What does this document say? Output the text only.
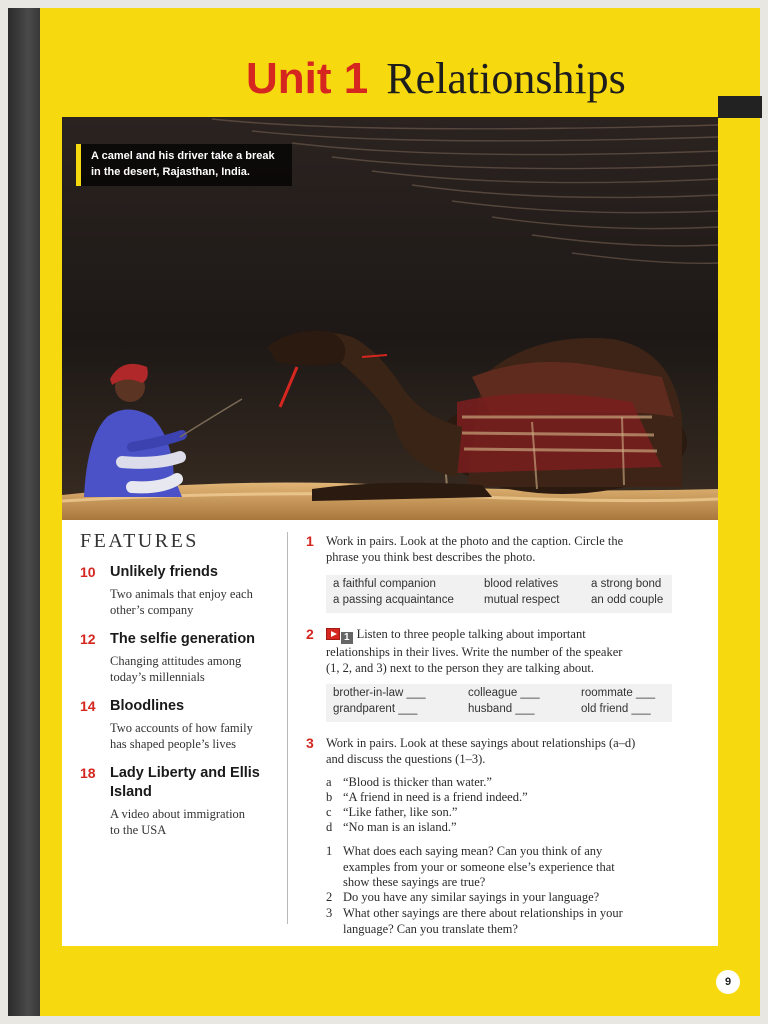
Unit 1 Relationships
A camel and his driver take a break
in the desert, Rajasthan, India.
FEATURES
10 Unlikely friends
Two animals that enjoy each
other’s company
12 The selfie generation
Changing attitudes among
today’s millennials
14 Bloodlines
Two accounts of how family
has shaped people’s lives
18 Lady Liberty and Ellis
Island
A video about immigration
to the USA
1 Work in pairs. Look at the photo and the caption. Circle the
phrase you think best describes the photo.
a faithful companion	blood relatives	a strong bond
a passing acquaintance	mutual respect	an odd couple
2	1 Listen to three people talking about important
relationships in their lives. Write the number of the speaker
(1, 2, and 3) next to the person they are talking about.
brother-in-law ___	colleague ___	roommate ___
grandparent ___	husband ___	old friend ___
3 Work in pairs. Look at these sayings about relationships (a–d)
and discuss the questions (1–3).
a “Blood is thicker than water.”
b “A friend in need is a friend indeed.”
c “Like father, like son.”
d “No man is an island.”
1 What does each saying mean? Can you think of any
examples from your or someone else’s experience that
show these sayings are true?
2 Do you have any similar sayings in your language?
3 What other sayings are there about relationships in your
language? Can you translate them?
9
